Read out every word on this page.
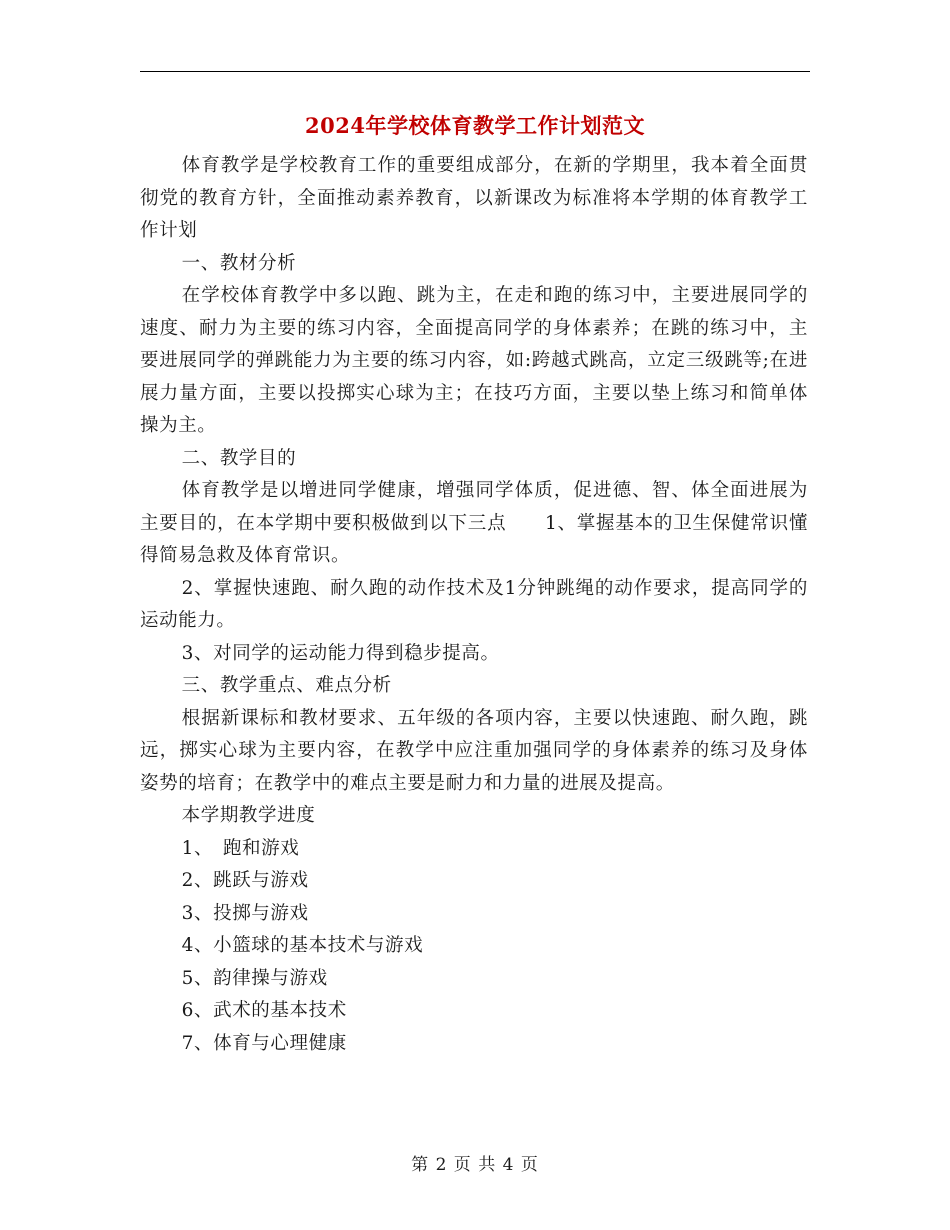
2024年学校体育教学工作计划范文

体育教学是学校教育工作的重要组成部分，在新的学期里，我本着全面贯彻党的教育方针，全面推动素养教育，以新课改为标准将本学期的体育教学工作计划

一、教材分析

在学校体育教学中多以跑、跳为主，在走和跑的练习中，主要进展同学的速度、耐力为主要的练习内容，全面提高同学的身体素养；在跳的练习中，主要进展同学的弹跳能力为主要的练习内容，如:跨越式跳高，立定三级跳等;在进展力量方面，主要以投掷实心球为主；在技巧方面，主要以垫上练习和简单体操为主。

二、教学目的

体育教学是以增进同学健康，增强同学体质，促进德、智、体全面进展为主要目的，在本学期中要积极做到以下三点　　1、掌握基本的卫生保健常识懂得简易急救及体育常识。

2、掌握快速跑、耐久跑的动作技术及1分钟跳绳的动作要求，提高同学的运动能力。

3、对同学的运动能力得到稳步提高。

三、教学重点、难点分析

根据新课标和教材要求、五年级的各项内容，主要以快速跑、耐久跑，跳远，掷实心球为主要内容，在教学中应注重加强同学的身体素养的练习及身体姿势的培育；在教学中的难点主要是耐力和力量的进展及提高。

本学期教学进度

1、　跑和游戏

2、跳跃与游戏

3、投掷与游戏

4、小篮球的基本技术与游戏

5、韵律操与游戏

6、武术的基本技术

7、体育与心理健康

第 2 页 共 4 页
